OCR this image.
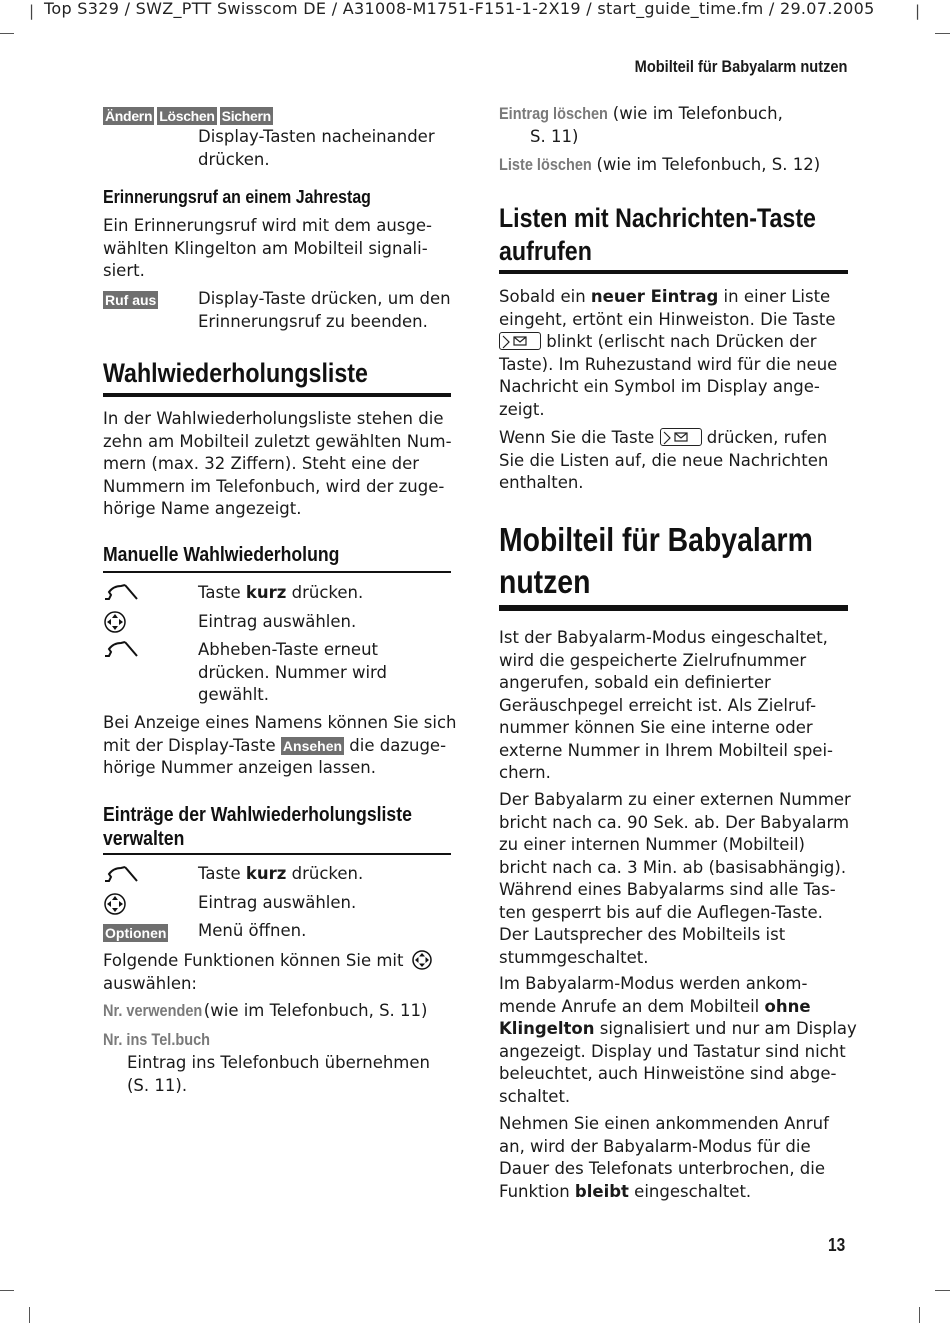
| Top S329 / SWZ_PTT Swisscom DE / A31008-M1751-F151-1-2X19 / start_guide_time.fm / 29.07.2005	|
Mobilteil für Babyalarm nutzen
13
Ändern Löschen Sichern
Display-Tasten nacheinander
drücken.
Erinnerungsruf an einem Jahrestag
Ein Erinnerungsruf wird mit dem ausge-
wählten Klingelton am Mobilteil signali-
siert.
Ruf aus	Display-Taste drücken, um den
Erinnerungsruf zu beenden.
Wahlwiederholungsliste
In der Wahlwiederholungsliste stehen die
zehn am Mobilteil zuletzt gewählten Num-
mern (max. 32 Ziffern). Steht eine der
Nummern im Telefonbuch, wird der zuge-
hörige Name angezeigt.
Manuelle Wahlwiederholung
Taste kurz drücken.
Eintrag auswählen.
Abheben-Taste erneut
drücken. Nummer wird
gewählt.
Bei Anzeige eines Namens können Sie sich
mit der Display-Taste Ansehen die dazuge-
hörige Nummer anzeigen lassen.
Einträge der Wahlwiederholungsliste
verwalten
Taste kurz drücken.
Eintrag auswählen.
Optionen Menü öffnen.
Folgende Funktionen können Sie mit
auswählen:
Nr. verwenden(wie im Telefonbuch, S. 11)
Nr. ins Tel.buch
Eintrag ins Telefonbuch übernehmen
(S. 11).
Eintrag löschen (wie im Telefonbuch,
S. 11)
Liste löschen (wie im Telefonbuch, S. 12)
Listen mit Nachrichten-Taste
aufrufen
Sobald ein neuer Eintrag in einer Liste
eingeht, ertönt ein Hinweiston. Die Taste
blinkt (erlischt nach Drücken der
Taste). Im Ruhezustand wird für die neue
Nachricht ein Symbol im Display ange-
zeigt.
Wenn Sie die Taste	drücken, rufen
Sie die Listen auf, die neue Nachrichten
enthalten.
Mobilteil für Babyalarm
nutzen
Ist der Babyalarm-Modus eingeschaltet,
wird die gespeicherte Zielrufnummer
angerufen, sobald ein definierter
Geräuschpegel erreicht ist. Als Zielruf-
nummer können Sie eine interne oder
externe Nummer in Ihrem Mobilteil spei-
chern.
Der Babyalarm zu einer externen Nummer
bricht nach ca. 90 Sek. ab. Der Babyalarm
zu einer internen Nummer (Mobilteil)
bricht nach ca. 3 Min. ab (basisabhängig).
Während eines Babyalarms sind alle Tas-
ten gesperrt bis auf die Auflegen-Taste.
Der Lautsprecher des Mobilteils ist
stummgeschaltet.
Im Babyalarm-Modus werden ankom-
mende Anrufe an dem Mobilteil ohne
Klingelton signalisiert und nur am Display
angezeigt. Display und Tastatur sind nicht
beleuchtet, auch Hinweistöne sind abge-
schaltet.
Nehmen Sie einen ankommenden Anruf
an, wird der Babyalarm-Modus für die
Dauer des Telefonats unterbrochen, die
Funktion bleibt eingeschaltet.
